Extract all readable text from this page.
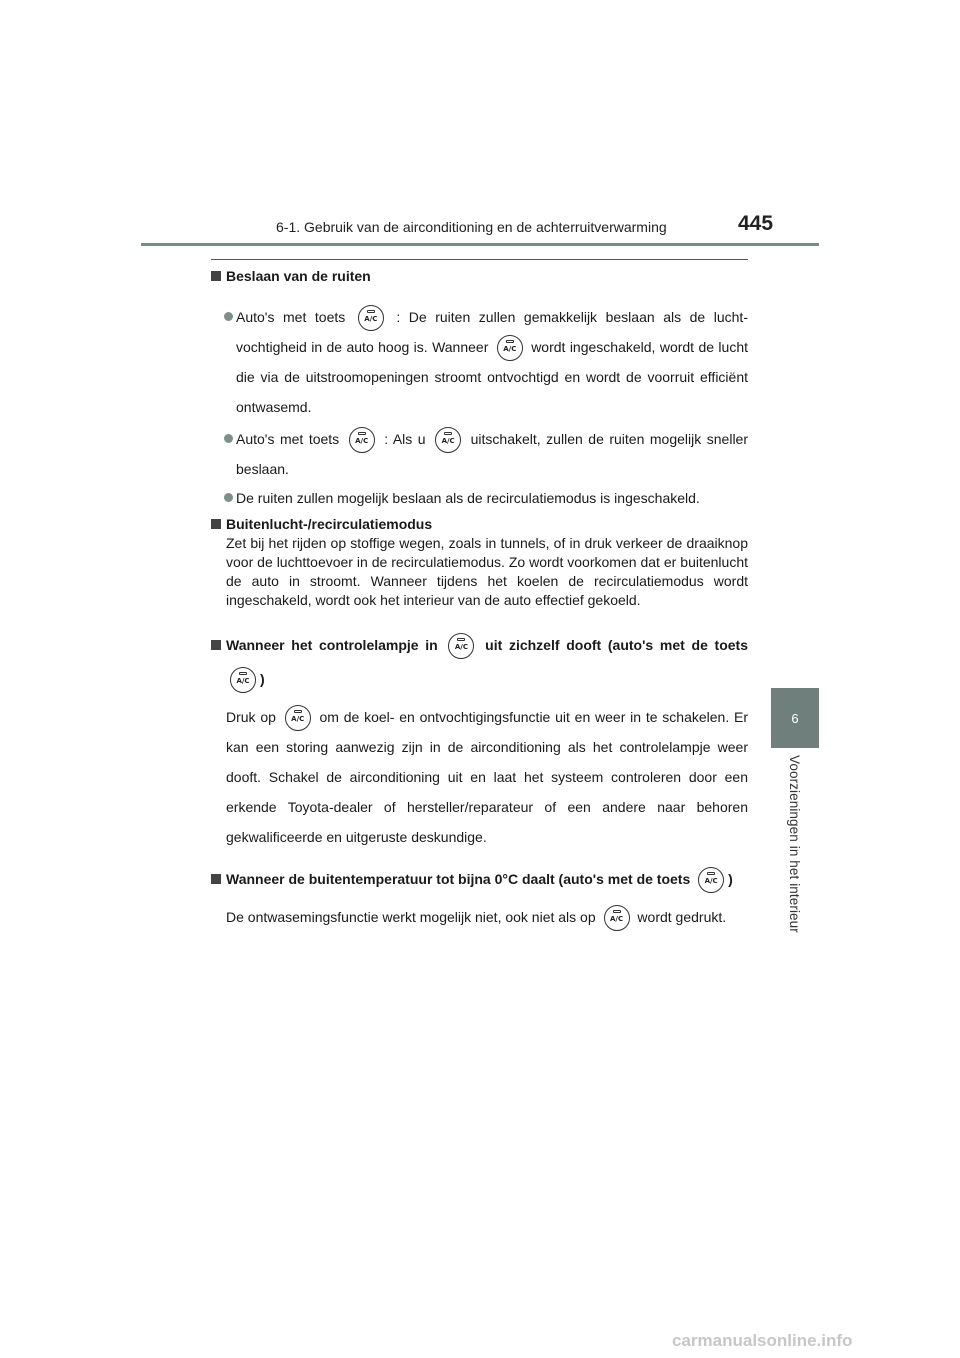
6-1. Gebruik van de airconditioning en de achterruitverwarming	445
6
Voorzieningen in het interieur

Beslaan van de ruiten

Auto's met toets	A/C	: De ruiten zullen gemakkelijk beslaan als de luchtvochtigheid in de auto hoog is. Wanneer	A/C	wordt ingeschakeld, wordt de lucht die via de uitstroomopeningen stroomt ontvochtigd en wordt de voorruit efficiënt ontwasemd.

Auto's met toets	A/C	: Als u	A/C	uitschakelt, zullen de ruiten mogelijk sneller beslaan.

De ruiten zullen mogelijk beslaan als de recirculatiemodus is ingeschakeld.

Buitenlucht-/recirculatiemodus

Zet bij het rijden op stoffige wegen, zoals in tunnels, of in druk verkeer de draaiknop voor de luchttoevoer in de recirculatiemodus. Zo wordt voorkomen dat er buitenlucht de auto in stroomt. Wanneer tijdens het koelen de recirculatiemodus wordt ingeschakeld, wordt ook het interieur van de auto effectief gekoeld.

Wanneer het controlelampje in	A/C	uit zichzelf dooft (auto's met de toets
A/C )

Druk op	A/C	om de koel- en ontvochtigingsfunctie uit en weer in te schakelen. Er kan een storing aanwezig zijn in de airconditioning als het controlelampje weer dooft. Schakel de airconditioning uit en laat het systeem controleren door een erkende Toyota-dealer of hersteller/reparateur of een andere naar behoren gekwalificeerde en uitgeruste deskundige.

Wanneer de buitentemperatuur tot bijna 0°C daalt (auto's met de toets	A/C )

De ontwasemingsfunctie werkt mogelijk niet, ook niet als op	A/C	wordt gedrukt.

carmanualsonline.info
